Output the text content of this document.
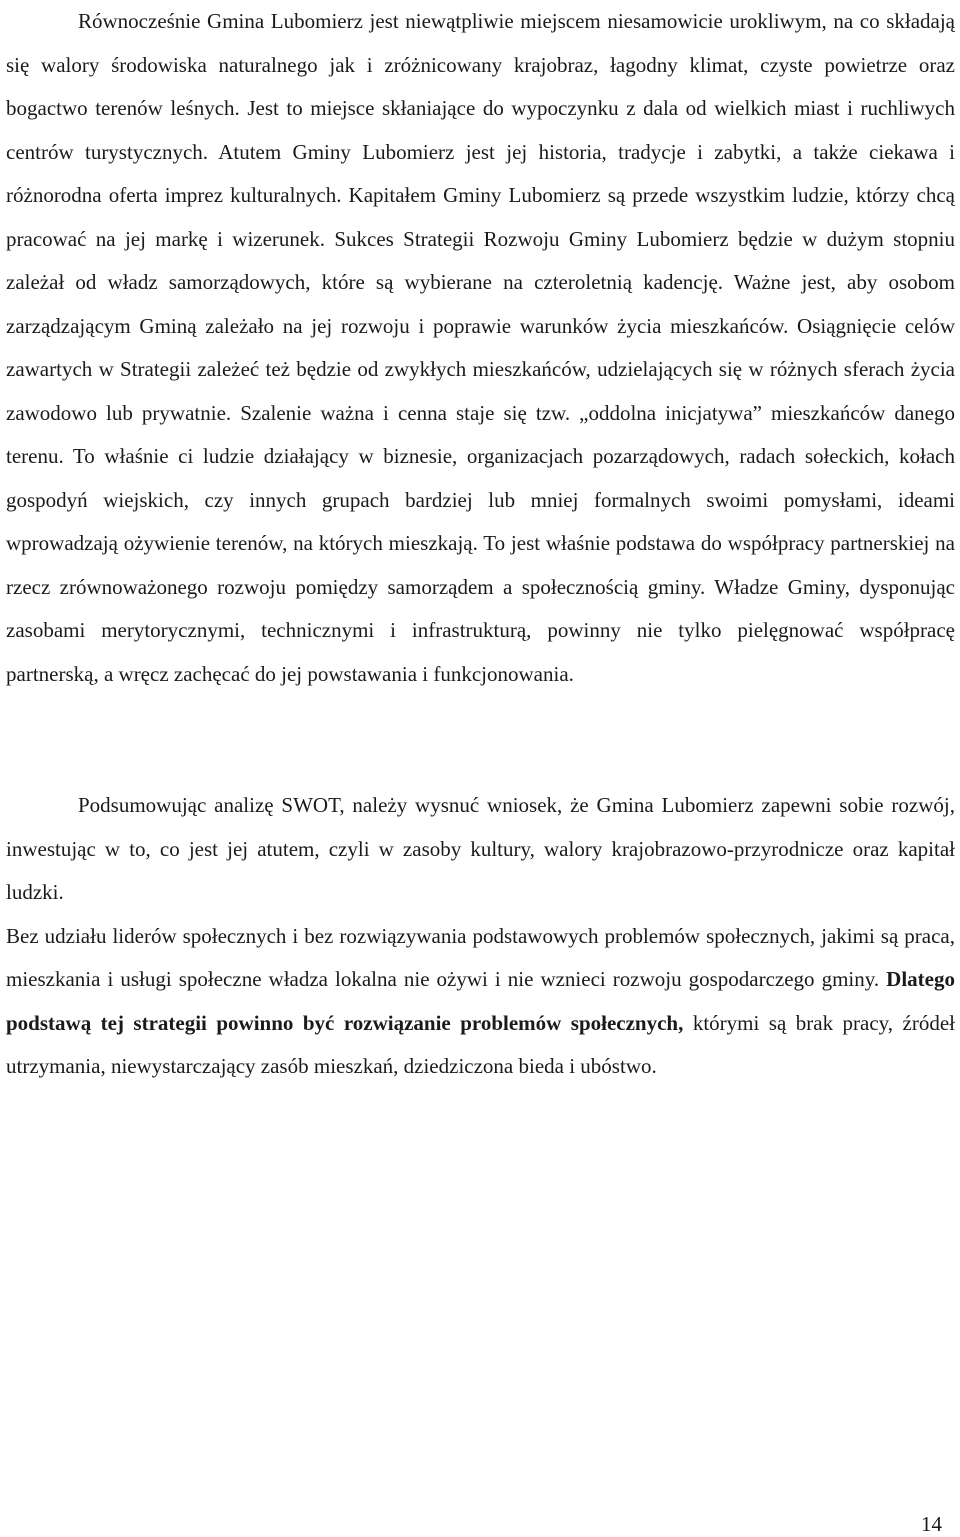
Równocześnie Gmina Lubomierz jest niewątpliwie miejscem niesamowicie urokliwym, na co składają się walory środowiska naturalnego jak i zróżnicowany krajobraz, łagodny klimat, czyste powietrze oraz bogactwo terenów leśnych. Jest to miejsce skłaniające do wypoczynku z dala od wielkich miast i ruchliwych centrów turystycznych. Atutem Gminy Lubomierz jest jej historia, tradycje i zabytki, a także ciekawa i różnorodna oferta imprez kulturalnych. Kapitałem Gminy Lubomierz są przede wszystkim ludzie, którzy chcą pracować na jej markę i wizerunek. Sukces Strategii Rozwoju Gminy Lubomierz będzie w dużym stopniu zależał od władz samorządowych, które są wybierane na czteroletnią kadencję. Ważne jest, aby osobom zarządzającym Gminą zależało na jej rozwoju i poprawie warunków życia mieszkańców. Osiągnięcie celów zawartych w Strategii zależeć też będzie od zwykłych mieszkańców, udzielających się w różnych sferach życia zawodowo lub prywatnie. Szalenie ważna i cenna staje się tzw. „oddolna inicjatywa” mieszkańców danego terenu. To właśnie ci ludzie działający w biznesie, organizacjach pozarządowych, radach sołeckich, kołach gospodyń wiejskich, czy innych grupach bardziej lub mniej formalnych swoimi pomysłami, ideami wprowadzają ożywienie terenów, na których mieszkają. To jest właśnie podstawa do współpracy partnerskiej na rzecz zrównoważonego rozwoju pomiędzy samorządem a społecznością gminy. Władze Gminy, dysponując zasobami merytorycznymi, technicznymi i infrastrukturą, powinny nie tylko pielęgnować współpracę partnerską, a wręcz zachęcać do jej powstawania i funkcjonowania.

Podsumowując analizę SWOT, należy wysnuć wniosek, że Gmina Lubomierz zapewni sobie rozwój, inwestując w to, co jest jej atutem, czyli w zasoby kultury, walory krajobrazowo-przyrodnicze oraz kapitał ludzki.

Bez udziału liderów społecznych i bez rozwiązywania podstawowych problemów społecznych, jakimi są praca, mieszkania i usługi społeczne władza lokalna nie ożywi i nie wznieci rozwoju gospodarczego gminy. Dlatego podstawą tej strategii powinno być rozwiązanie problemów społecznych, którymi są brak pracy, źródeł utrzymania, niewystarczający zasób mieszkań, dziedziczona bieda i ubóstwo.

14
